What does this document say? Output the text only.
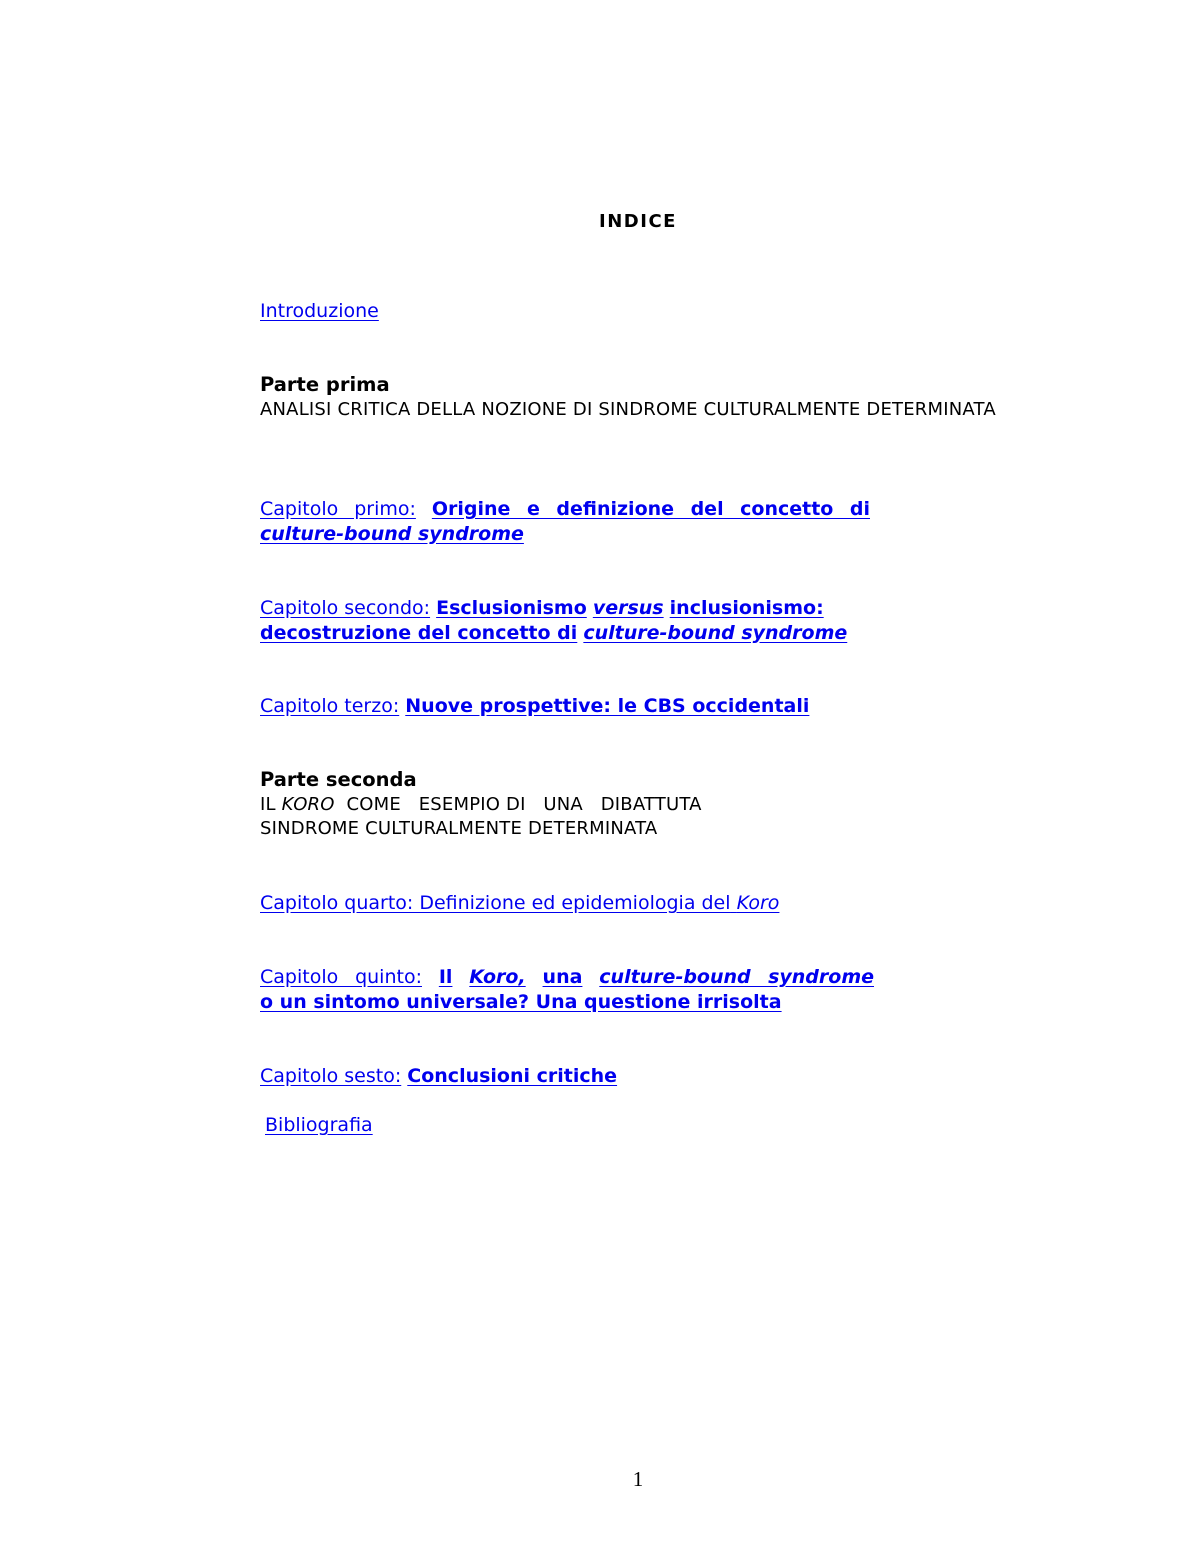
INDICE
Introduzione
Parte prima
ANALISI CRITICA DELLA NOZIONE DI SINDROME CULTURALMENTE DETERMINATA
Capitolo primo: Origine e definizione del concetto di
culture-bound syndrome
Capitolo secondo: Esclusionismo versus inclusionismo:
decostruzione del concetto di culture-bound syndrome
Capitolo terzo: Nuove prospettive: le CBS occidentali
Parte seconda
IL KORO COME   ESEMPIO DI   UNA   DIBATTUTA
SINDROME CULTURALMENTE DETERMINATA
Capitolo quarto: Definizione ed epidemiologia del Koro
Capitolo quinto: Il Koro, una culture-bound syndrome
o un sintomo universale? Una questione irrisolta
Capitolo sesto: Conclusioni critiche
Bibliografia
1
